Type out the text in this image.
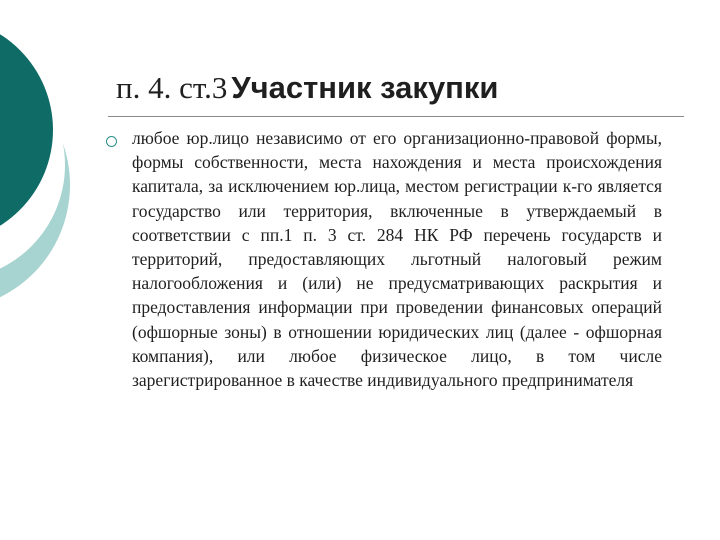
п. 4. ст.3 Участник закупки

любое юр.лицо независимо от его организационно-правовой формы, формы собственности, места нахождения и места происхождения капитала, за исключением юр.лица, местом регистрации к-го является государство или территория, включенные в утверждаемый в соответствии с пп.1 п. 3 ст. 284 НК РФ перечень государств и территорий, предоставляющих льготный налоговый режим налогообложения и (или) не предусматривающих раскрытия и предоставления информации при проведении финансовых операций (офшорные зоны) в отношении юридических лиц (далее - офшорная компания), или любое физическое лицо, в том числе зарегистрированное в качестве индивидуального предпринимателя
